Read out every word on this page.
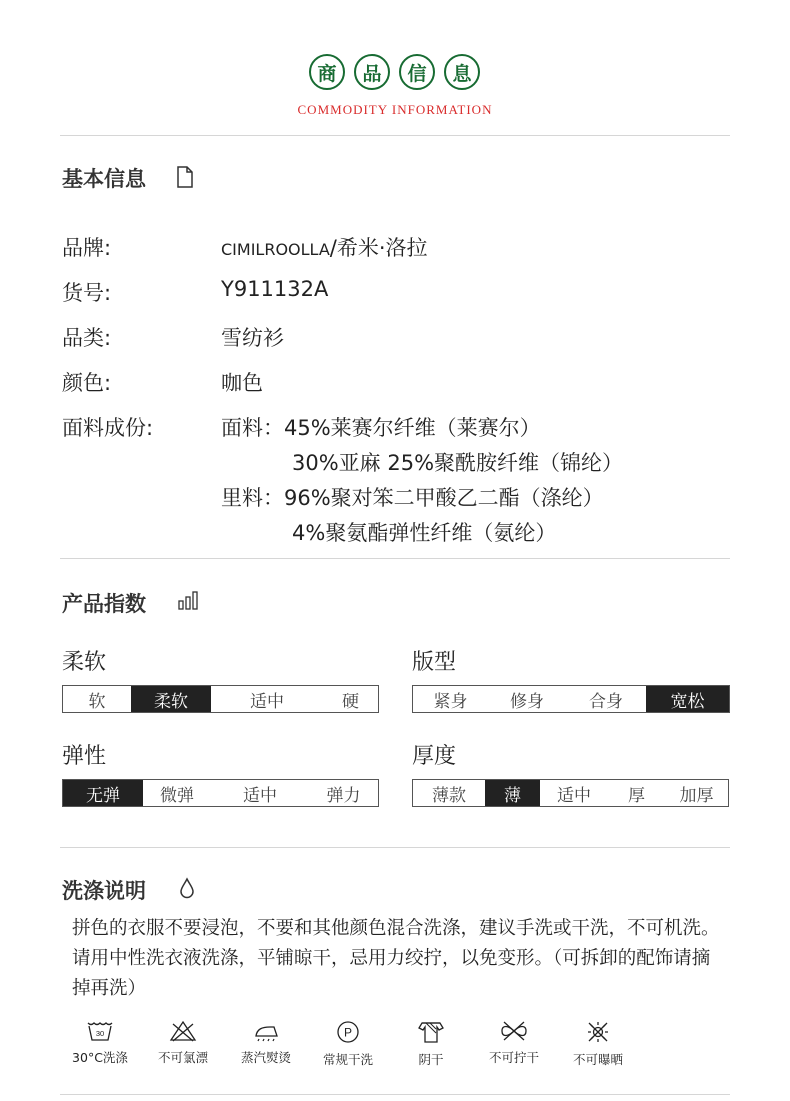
商	品	信	息
COMMODITY INFORMATION
基本信息
品牌:	CIMILROOLLA/希米·洛拉
货号:	Y911132A
品类:	雪纺衫
颜色:	咖色
面料成份:	面料：45%莱赛尔纤维（莱赛尔）
30%亚麻 25%聚酰胺纤维（锦纶）
里料：96%聚对笨二甲酸乙二酯（涤纶）
4%聚氨酯弹性纤维（氨纶）
产品指数
柔软
软	柔软	适中	硬
版型
紧身	修身	合身	宽松
弹性
无弹	微弹	适中	弹力
厚度
薄款	薄	适中	厚	加厚
洗涤说明
拼色的衣服不要浸泡，不要和其他颜色混合洗涤，建议手洗或干洗，不可机洗。请用中性洗衣液洗涤，平铺晾干，忌用力绞拧，以免变形。（可拆卸的配饰请摘掉再洗）
30
30°C洗涤	不可氯漂	蒸汽熨烫
P
常规干洗	阴干	不可拧干	不可曝晒
